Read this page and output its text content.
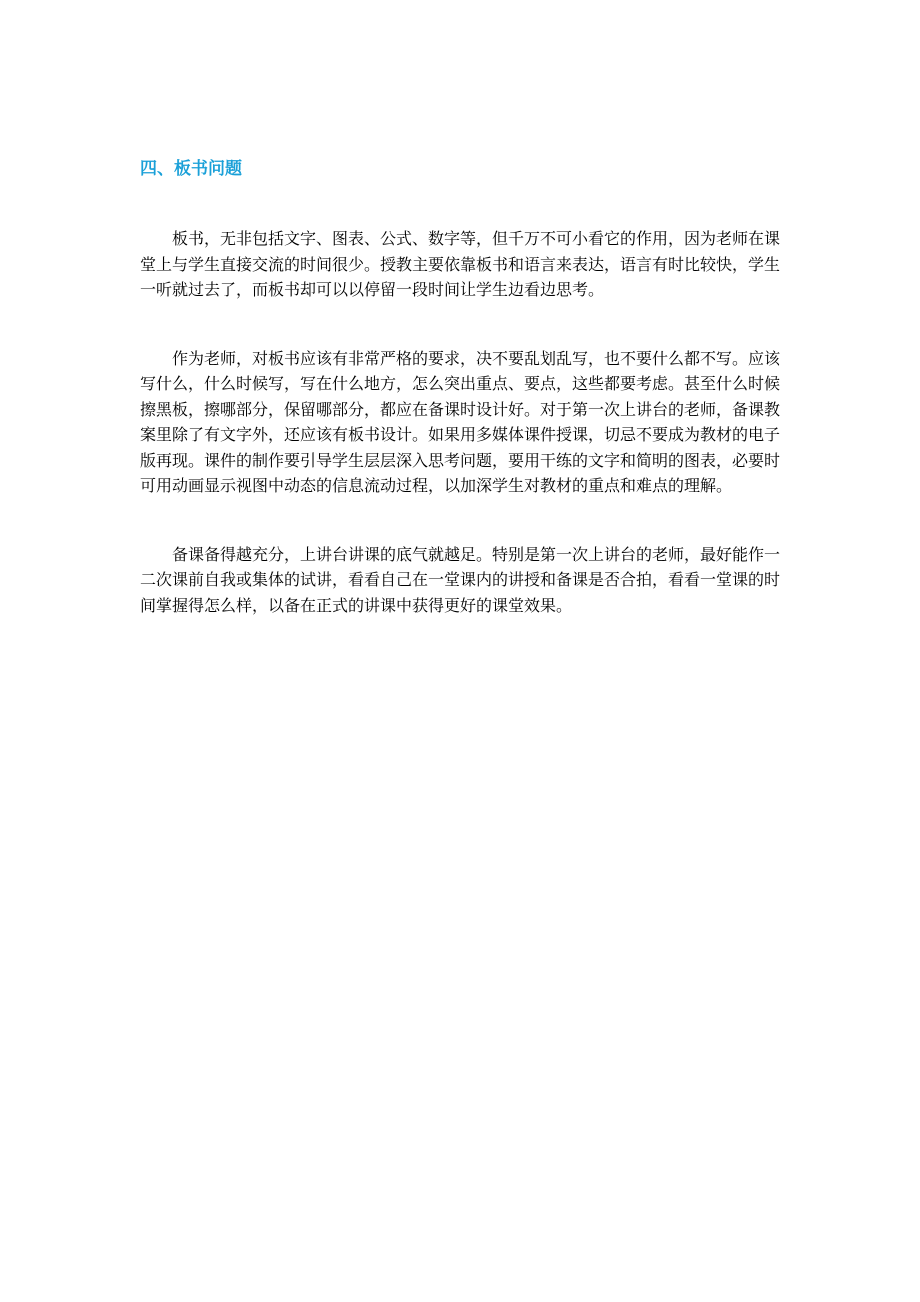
四、板书问题

板书，无非包括文字、图表、公式、数字等，但千万不可小看它的作用，因为老师在课堂上与学生直接交流的时间很少。授教主要依靠板书和语言来表达，语言有时比较快，学生一听就过去了，而板书却可以以停留一段时间让学生边看边思考。

作为老师，对板书应该有非常严格的要求，决不要乱划乱写，也不要什么都不写。应该写什么，什么时候写，写在什么地方，怎么突出重点、要点，这些都要考虑。甚至什么时候擦黑板，擦哪部分，保留哪部分，都应在备课时设计好。对于第一次上讲台的老师，备课教案里除了有文字外，还应该有板书设计。如果用多媒体课件授课，切忌不要成为教材的电子版再现。课件的制作要引导学生层层深入思考问题，要用干练的文字和简明的图表，必要时可用动画显示视图中动态的信息流动过程，以加深学生对教材的重点和难点的理解。

备课备得越充分，上讲台讲课的底气就越足。特别是第一次上讲台的老师，最好能作一二次课前自我或集体的试讲，看看自己在一堂课内的讲授和备课是否合拍，看看一堂课的时间掌握得怎么样，以备在正式的讲课中获得更好的课堂效果。
